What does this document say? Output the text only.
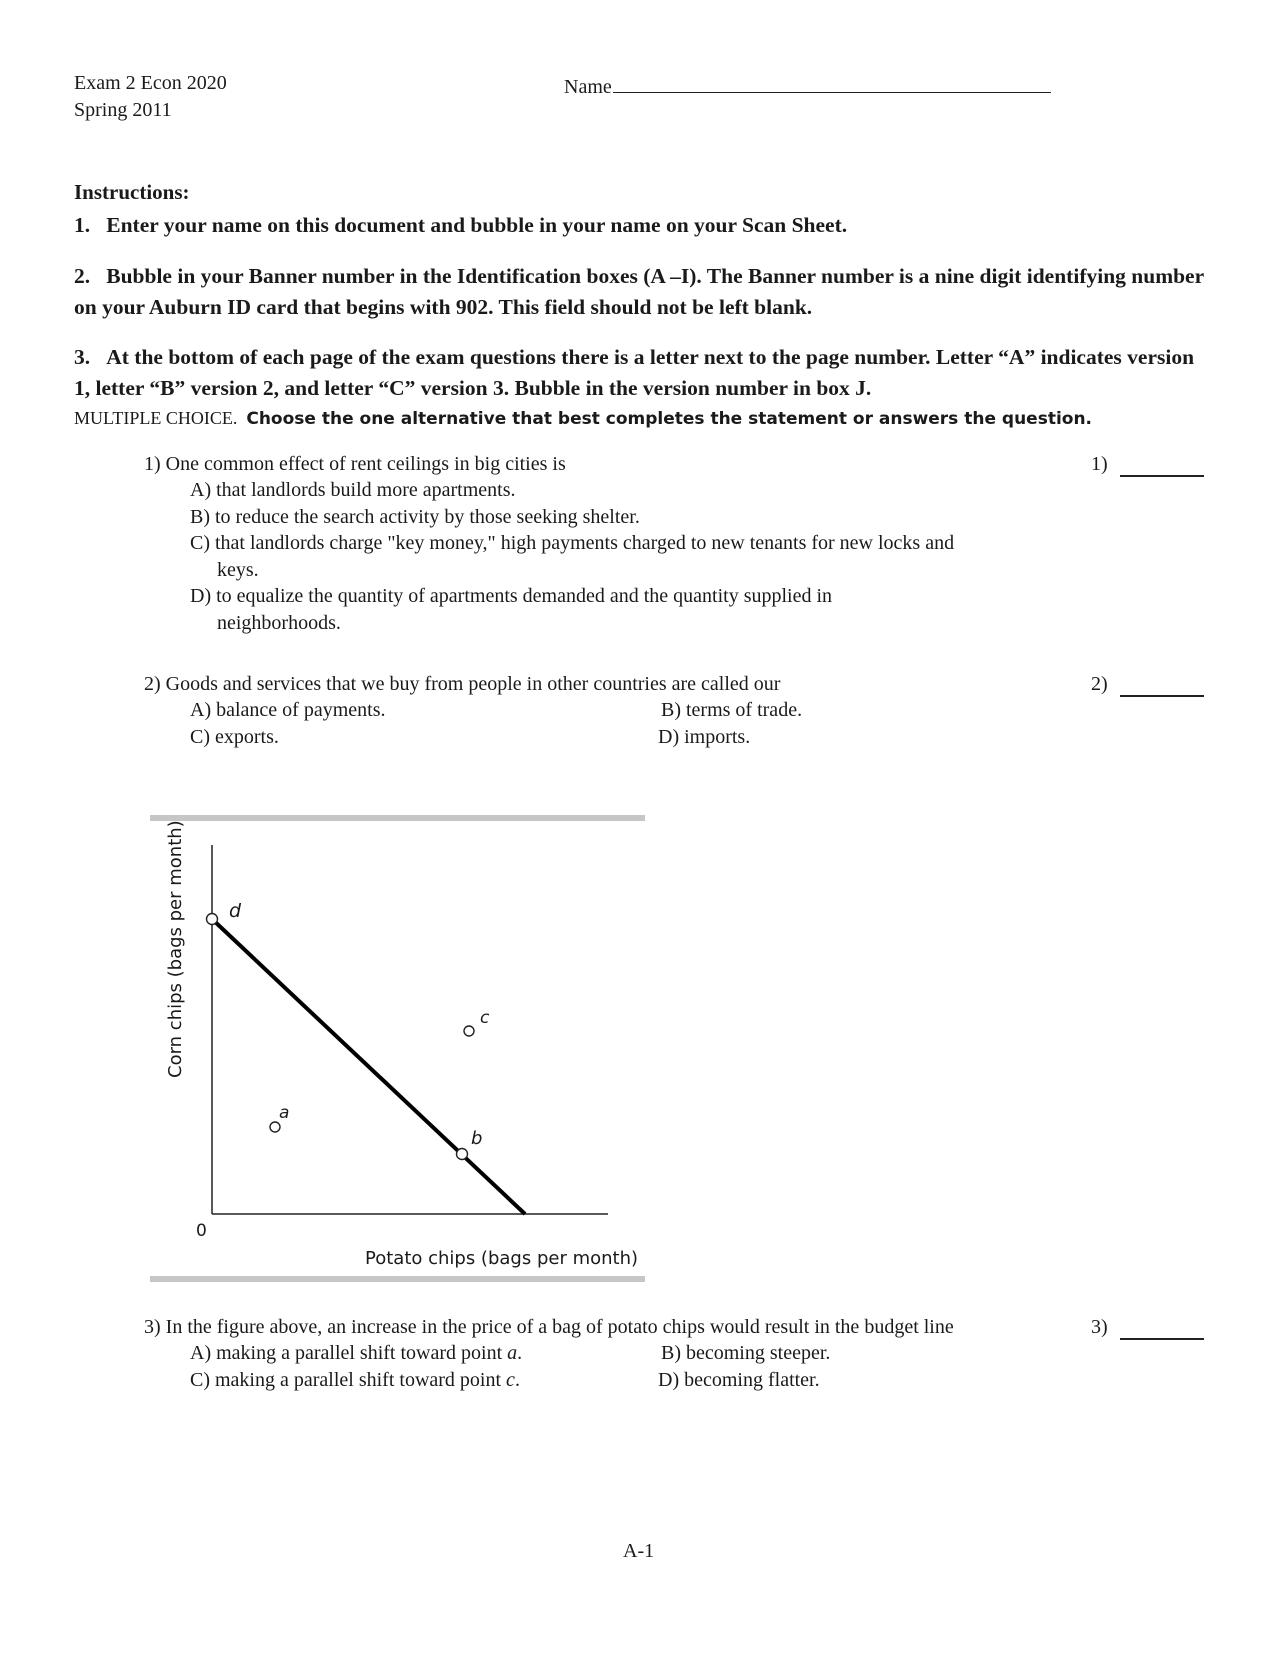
Exam 2 Econ 2020
Spring 2011
Name
Instructions:
1. Enter your name on this document and bubble in your name on your Scan Sheet.
2. Bubble in your Banner number in the Identification boxes (A –I). The Banner number is a nine digit identifying number on your Auburn ID card that begins with 902. This field should not be left blank.
3. At the bottom of each page of the exam questions there is a letter next to the page number. Letter “A” indicates version 1, letter “B” version 2, and letter “C” version 3. Bubble in the version number in box J.
MULTIPLE CHOICE. Choose the one alternative that best completes the statement or answers the question.
1) One common effect of rent ceilings in big cities is
A) that landlords build more apartments.
B) to reduce the search activity by those seeking shelter.
C) that landlords charge "key money," high payments charged to new tenants for new locks and
keys.
D) to equalize the quantity of apartments demanded and the quantity supplied in
neighborhoods.
1)
2) Goods and services that we buy from people in other countries are called our
A) balance of payments.	B) terms of trade.
C) exports.	D) imports.
2)
d
c
a
b
0
Potato chips (bags per month)
Corn chips (bags per month)
3) In the figure above, an increase in the price of a bag of potato chips would result in the budget line
A) making a parallel shift toward point a.	B) becoming steeper.
C) making a parallel shift toward point c.	D) becoming flatter.
3)
A-1
